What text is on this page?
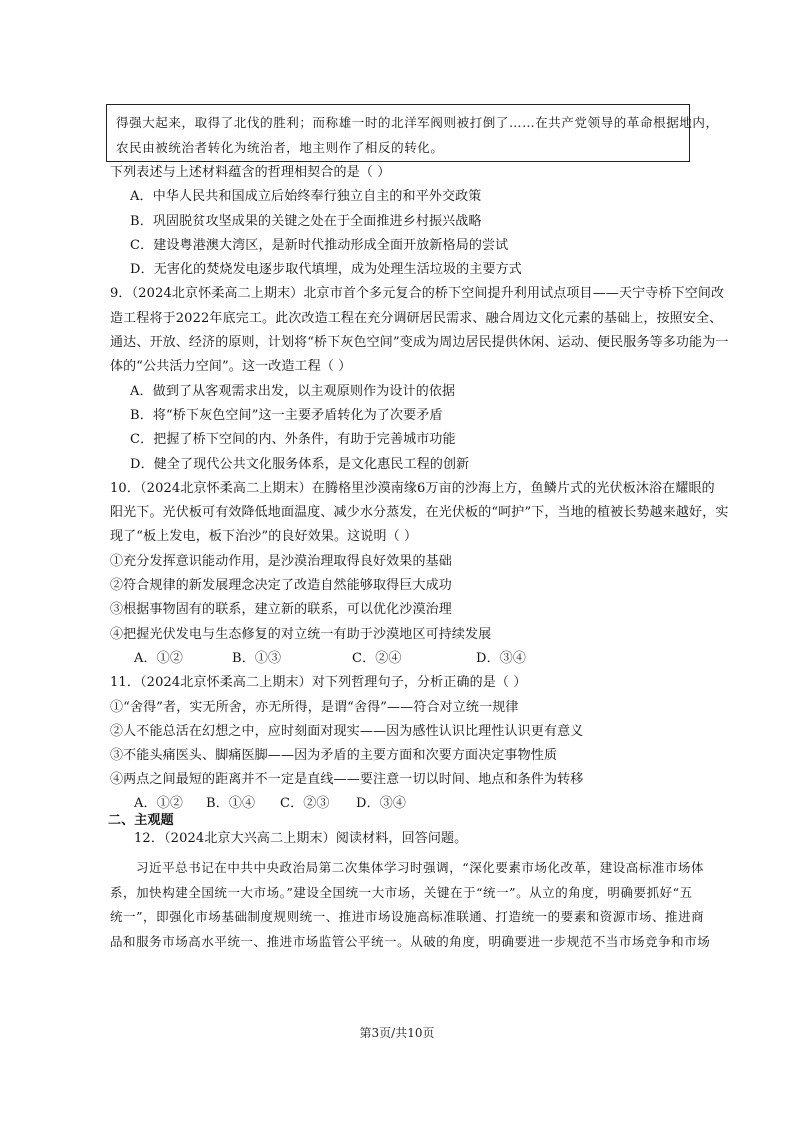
得强大起来，取得了北伐的胜利；而称雄一时的北洋军阀则被打倒了……在共产党领导的革命根据地内，

农民由被统治者转化为统治者，地主则作了相反的转化。

下列表述与上述材料蕴含的哲理相契合的是（ ）
A．中华人民共和国成立后始终奉行独立自主的和平外交政策
B．巩固脱贫攻坚成果的关键之处在于全面推进乡村振兴战略
C．建设粤港澳大湾区，是新时代推动形成全面开放新格局的尝试
D．无害化的焚烧发电逐步取代填埋，成为处理生活垃圾的主要方式
9．（2024北京怀柔高二上期末）北京市首个多元复合的桥下空间提升利用试点项目——天宁寺桥下空间改
造工程将于2022年底完工。此次改造工程在充分调研居民需求、融合周边文化元素的基础上，按照安全、
通达、开放、经济的原则，计划将“桥下灰色空间”变成为周边居民提供休闲、运动、便民服务等多功能为一
体的“公共活力空间”。这一改造工程（ ）
A．做到了从客观需求出发，以主观原则作为设计的依据
B．将“桥下灰色空间”这一主要矛盾转化为了次要矛盾
C．把握了桥下空间的内、外条件，有助于完善城市功能
D．健全了现代公共文化服务体系，是文化惠民工程的创新
10．（2024北京怀柔高二上期末）在腾格里沙漠南缘6万亩的沙海上方，鱼鳞片式的光伏板沐浴在耀眼的
阳光下。光伏板可有效降低地面温度、减少水分蒸发，在光伏板的“呵护”下，当地的植被长势越来越好，实
现了“板上发电，板下治沙”的良好效果。这说明（ ）
①充分发挥意识能动作用，是沙漠治理取得良好效果的基础
②符合规律的新发展理念决定了改造自然能够取得巨大成功
③根据事物固有的联系，建立新的联系，可以优化沙漠治理
④把握光伏发电与生态修复的对立统一有助于沙漠地区可持续发展
A．①②	B．①③	C．②④	D．③④
11．（2024北京怀柔高二上期末）对下列哲理句子，分析正确的是（ ）
①“舍得”者，实无所舍，亦无所得，是谓“舍得”——符合对立统一规律
②人不能总活在幻想之中，应时刻面对现实——因为感性认识比理性认识更有意义
③不能头痛医头、脚痛医脚——因为矛盾的主要方面和次要方面决定事物性质
④两点之间最短的距离并不一定是直线——要注意一切以时间、地点和条件为转移
A．①②	B．①④	C．②③	D．③④
二、主观题
12．（2024北京大兴高二上期末）阅读材料，回答问题。
习近平总书记在中共中央政治局第二次集体学习时强调，“深化要素市场化改革，建设高标准市场体
系，加快构建全国统一大市场。”建设全国统一大市场，关键在于“统一”。从立的角度，明确要抓好“五
统一”，即强化市场基础制度规则统一、推进市场设施高标准联通、打造统一的要素和资源市场、推进商
品和服务市场高水平统一、推进市场监管公平统一。从破的角度，明确要进一步规范不当市场竞争和市场
第3页/共10页
